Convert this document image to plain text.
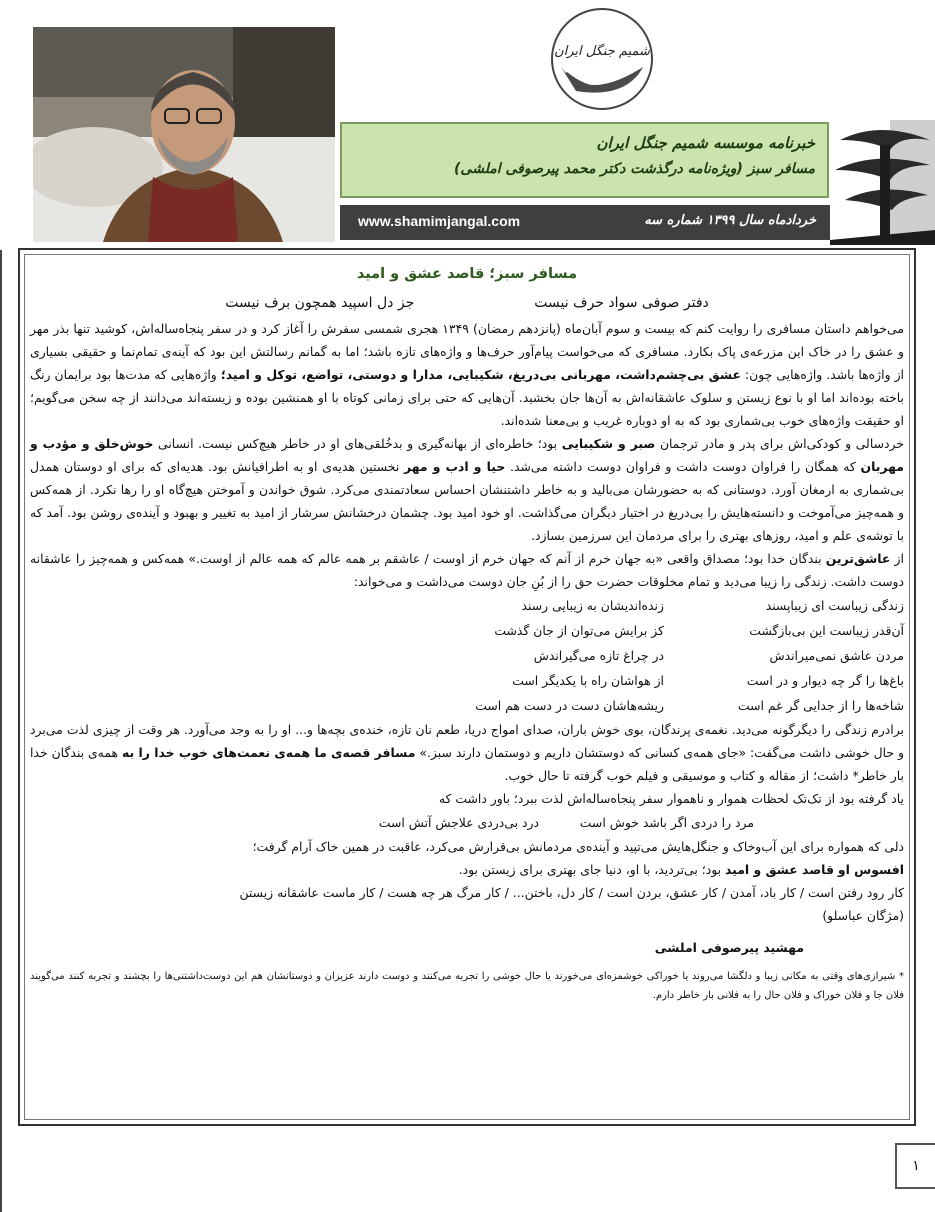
شمیم جنگل ایران
خبرنامه موسسه شمیم جنگل ایران
مسافر سبز (ویژه‌نامه درگذشت دکتر محمد پیرصوفی املشی)
www.shamimjangal.com	خردادماه سال ۱۳۹۹ شماره سه
مسافر سبز؛ قاصد عشق و امید
دفتر صوفی سواد حرف نیست
جز دل اسپید همچون برف نیست

می‌خواهم داستان مسافری را روایت کنم که بیست و سوم آبان‌ماه (پانزدهم رمضان) ۱۳۴۹ هجری شمسی سفرش را آغاز کرد و در سفر پنجاه‌ساله‌اش، کوشید تنها بذر مهر و عشق را در خاک این مزرعه‌ی پاک بکارد. مسافری که می‌خواست پیام‌آور حرف‌ها و واژه‌های تازه باشد؛ اما به گمانم رسالتش این بود که آینه‌ی تمام‌نما و حقیقی بسیاری از واژه‌ها باشد. واژه‌هایی چون: عشق بی‌چشم‌داشت، مهربانی بی‌دریغ، شکیبایی، مدارا و دوستی، تواضع، توکل و امید؛ واژه‌هایی که مدت‌ها بود برایمان رنگ باخته بوده‌اند اما او با نوع زیستن و سلوک عاشقانه‌اش به آن‌ها جان بخشید. آن‌هایی که حتی برای زمانی کوتاه با او همنشین بوده و زیسته‌اند می‌دانند از چه سخن می‌گویم؛ او حقیقت واژه‌های خوب بی‌شماری بود که به او دوباره غریب و بی‌معنا شده‌اند.

خردسالی و کودکی‌اش برای پدر و مادر ترجمان صبر و شکیبایی بود؛ خاطره‌ای از بهانه‌گیری و بدخُلقی‌های او در خاطر هیچ‌کس نیست. انسانی خوش‌خلق و مؤدب و مهربان که همگان را فراوان دوست داشت و فراوان دوست داشته می‌شد. حیا و ادب و مهر نخستین هدیه‌ی او به اطرافیانش بود. هدیه‌ای که برای او دوستان همدل بی‌شماری به ارمغان آورد. دوستانی که به حضورشان می‌بالید و به خاطر داشتنشان احساس سعادتمندی می‌کرد. شوق خواندن و آموختن هیچ‌گاه او را رها نکرد. از همه‌کس و همه‌چیز می‌آموخت و دانسته‌هایش را بی‌دریغ در اختیار دیگران می‌گذاشت. او خود امید بود. چشمان درخشانش سرشار از امید به تغییر و بهبود و آینده‌ی روشن بود. آمد که با توشه‌ی علم و امید، روزهای بهتری را برای مردمان این سرزمین بسازد.

از عاشق‌ترین بندگان خدا بود؛ مصداق واقعی «به جهان خرم از آنم که جهان خرم از اوست / عاشقم بر همه عالم که همه عالم از اوست.» همه‌کس و همه‌چیز را عاشقانه دوست داشت. زندگی را زیبا می‌دید و تمام مخلوقات حضرت حق را از بُنِ جان دوست می‌داشت و می‌خواند:

زندگی زیباست ای زیباپسند
زنده‌اندیشان به زیبایی رسند
آن‌قدر زیباست این بی‌بازگشت
کز برایش می‌توان از جان گذشت
مردن عاشق نمی‌میراندش
در چراغ تازه می‌گیراندش
باغ‌ها را گر چه دیوار و در است
از هواشان راه با یکدیگر است
شاخه‌ها را از جدایی گر غم است
ریشه‌هاشان دست در دست هم است

برادرم زندگی را دیگرگونه می‌دید. نغمه‌ی پرندگان، بوی خوش باران، صدای امواج دریا، طعم نان تازه، خنده‌ی بچه‌ها و... او را به وجد می‌آورد. هر وقت از چیزی لذت می‌برد و حال خوشی داشت می‌گفت: «جای همه‌ی کسانی که دوستشان داریم و دوستمان دارند سبز.» مسافر قصه‌ی ما همه‌ی نعمت‌های خوب خدا را به همه‌ی بندگان خدا بار خاطر* داشت؛ از مقاله و کتاب و موسیقی و فیلم خوب گرفته تا حال خوب.

یاد گرفته بود از تک‌تک لحظات هموار و ناهموار سفر پنجاه‌ساله‌اش لذت ببرد؛ باور داشت که

مرد را دردی اگر باشد خوش است
درد بی‌دردی علاجش آتش است

دلی که همواره برای این آب‌وخاک و جنگل‌هایش می‌تپید و آینده‌ی مردمانش بی‌قرارش می‌کرد، عاقبت در همین خاک آرام گرفت؛

افسوس او قاصد عشق و امید بود؛ بی‌تردید، با او، دنیا جای بهتری برای زیستن بود.

کار رود رفتن است / کار باد، آمدن / کار عشق، بردن است / کار دل، باختن... / کار مرگ هر چه هست / کار ماست عاشقانه زیستن

(مژگان عباسلو)

مهشید پیرصوفی املشی
* شیرازی‌های وقتی به مکانی زیبا و دلگشا می‌روند یا خوراکی خوشمزه‌ای می‌خورند یا حال خوشی را تجربه می‌کنند و دوست دارند عزیزان و دوستانشان هم این دوست‌داشتنی‌ها را بچشند و تجربه کنند می‌گویند فلان جا و فلان خوراک و فلان حال را به فلانی بار خاطر دارم.
۱
